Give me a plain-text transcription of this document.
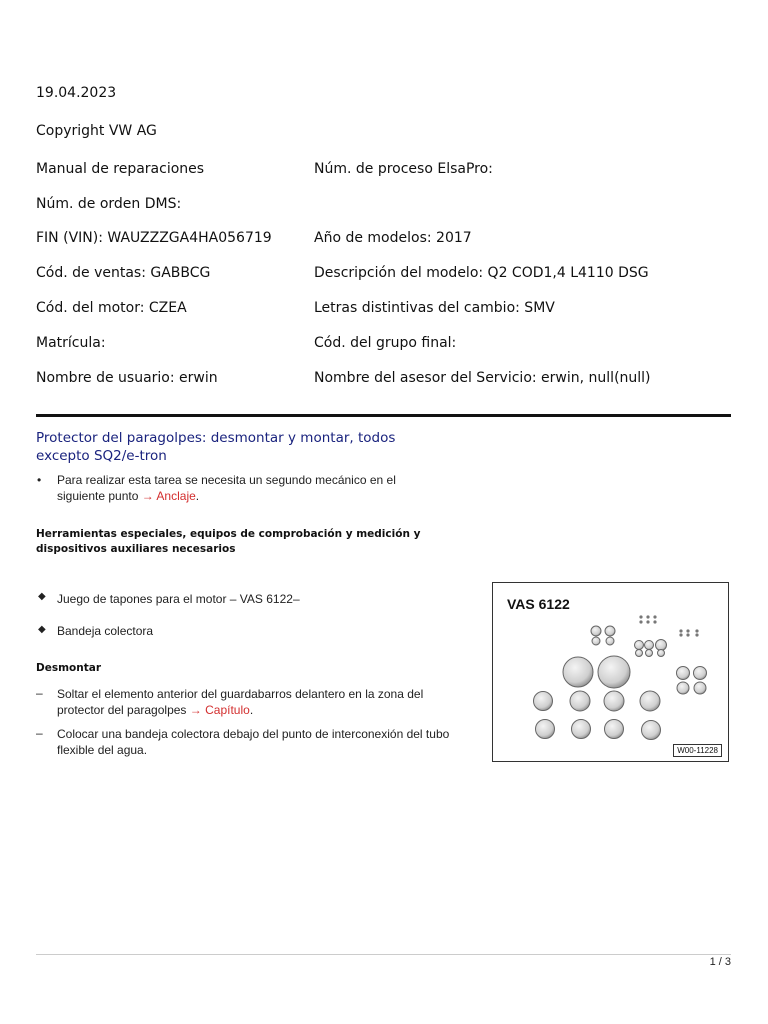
19.04.2023
Copyright VW AG
Manual de reparaciones	Núm. de proceso ElsaPro:
Núm. de orden DMS:
FIN (VIN): WAUZZZGA4HA056719	Año de modelos: 2017
Cód. de ventas: GABBCG	Descripción del modelo: Q2 COD1,4 L4110 DSG
Cód. del motor: CZEA	Letras distintivas del cambio: SMV
Matrícula:	Cód. del grupo final:
Nombre de usuario: erwin	Nombre del asesor del Servicio: erwin, null(null)
Protector del paragolpes: desmontar y montar, todos excepto SQ2/e-tron
• Para realizar esta tarea se necesita un segundo mecánico en el siguiente punto → Anclaje.
Herramientas especiales, equipos de comprobación y medición y dispositivos auxiliares necesarios
◆ Juego de tapones para el motor – VAS 6122–
◆ Bandeja colectora
Desmontar
– Soltar el elemento anterior del guardabarros delantero en la zona del protector del paragolpes → Capítulo.
– Colocar una bandeja colectora debajo del punto de interconexión del tubo flexible del agua.
VAS 6122
W00-11228
1 / 3
